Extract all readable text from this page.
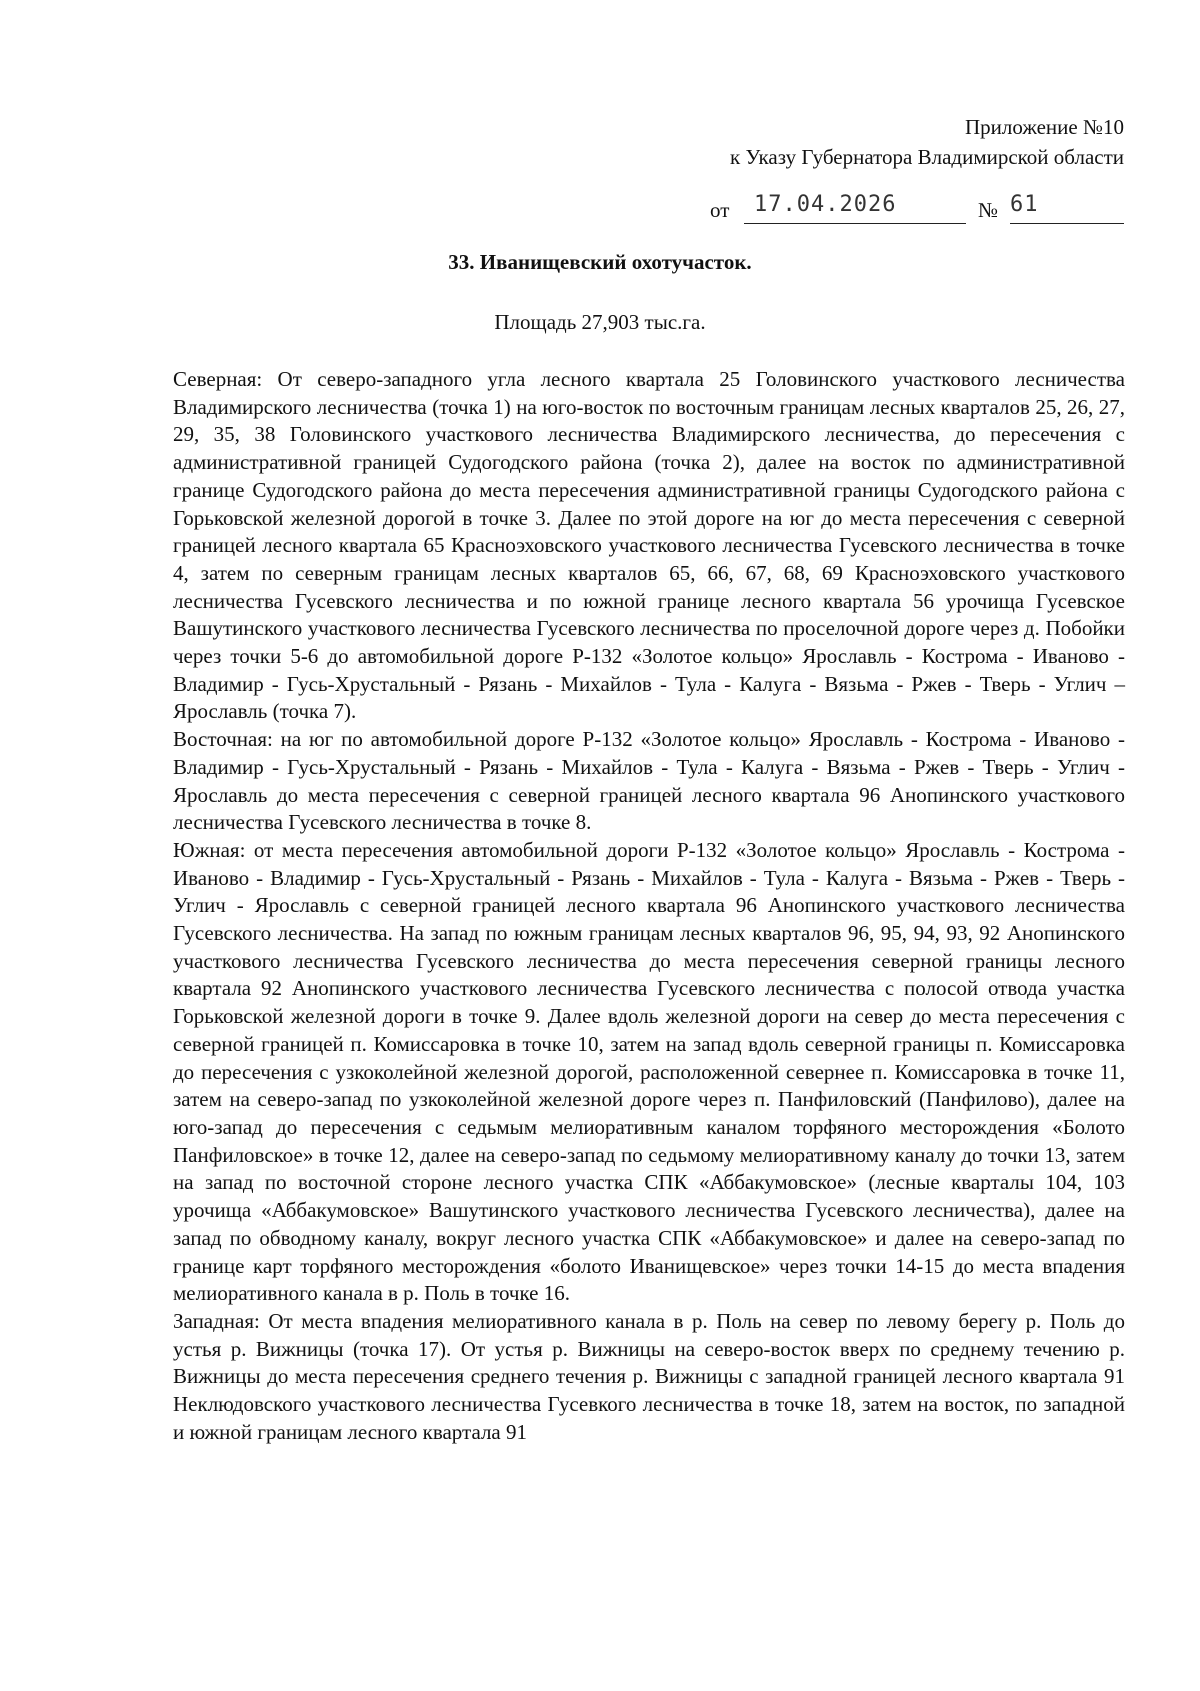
Приложение №10
к Указу Губернатора Владимирской области
от 17.04.2026	№ 61
33. Иванищевский охотучасток.
Площадь 27,903 тыс.га.

Северная: От северо-западного угла лесного квартала 25 Головинского участкового лесничества Владимирского лесничества (точка 1) на юго-восток по восточным границам лесных кварталов 25, 26, 27, 29, 35, 38 Головинского участкового лесничества Владимирского лесничества, до пересечения с административной границей Судогодского района (точка 2), далее на восток по административной границе Судогодского района до места пересечения административной границы Судогодского района с Горьковской железной дорогой в точке 3. Далее по этой дороге на юг до места пересечения с северной границей лесного квартала 65 Красноэховского участкового лесничества Гусевского лесничества в точке 4, затем по северным границам лесных кварталов 65, 66, 67, 68, 69 Красноэховского участкового лесничества Гусевского лесничества и по южной границе лесного квартала 56 урочища Гусевское Вашутинского участкового лесничества Гусевского лесничества по проселочной дороге через д. Побойки через точки 5-6 до автомобильной дороге Р-132 «Золотое кольцо» Ярославль - Кострома - Иваново - Владимир - Гусь-Хрустальный - Рязань - Михайлов - Тула - Калуга - Вязьма - Ржев - Тверь - Углич – Ярославль (точка 7).

Восточная: на юг по автомобильной дороге Р-132 «Золотое кольцо» Ярославль - Кострома - Иваново - Владимир - Гусь-Хрустальный - Рязань - Михайлов - Тула - Калуга - Вязьма - Ржев - Тверь - Углич - Ярославль до места пересечения с северной границей лесного квартала 96 Анопинского участкового лесничества Гусевского лесничества в точке 8.

Южная: от места пересечения автомобильной дороги Р-132 «Золотое кольцо» Ярославль - Кострома - Иваново - Владимир - Гусь-Хрустальный - Рязань - Михайлов - Тула - Калуга - Вязьма - Ржев - Тверь - Углич - Ярославль с северной границей лесного квартала 96 Анопинского участкового лесничества Гусевского лесничества. На запад по южным границам лесных кварталов 96, 95, 94, 93, 92 Анопинского участкового лесничества Гусевского лесничества до места пересечения северной границы лесного квартала 92 Анопинского участкового лесничества Гусевского лесничества с полосой отвода участка Горьковской железной дороги в точке 9. Далее вдоль железной дороги на север до места пересечения с северной границей п. Комиссаровка в точке 10, затем на запад вдоль северной границы п. Комиссаровка до пересечения с узкоколейной железной дорогой, расположенной севернее п. Комиссаровка в точке 11, затем на северо-запад по узкоколейной железной дороге через п. Панфиловский (Панфилово), далее на юго-запад до пересечения с седьмым мелиоративным каналом торфяного месторождения «Болото Панфиловское» в точке 12, далее на северо-запад по седьмому мелиоративному каналу до точки 13, затем на запад по восточной стороне лесного участка СПК «Аббакумовское» (лесные кварталы 104, 103 урочища «Аббакумовское» Вашутинского участкового лесничества Гусевского лесничества), далее на запад по обводному каналу, вокруг лесного участка СПК «Аббакумовское» и далее на северо-запад по границе карт торфяного месторождения «болото Иванищевское» через точки 14-15 до места впадения мелиоративного канала в р. Поль в точке 16.

Западная: От места впадения мелиоративного канала в р. Поль на север по левому берегу р. Поль до устья р. Вижницы (точка 17). От устья р. Вижницы на северо-восток вверх по среднему течению р. Вижницы до места пересечения среднего течения р. Вижницы с западной границей лесного квартала 91 Неклюдовского участкового лесничества Гусевкого лесничества в точке 18, затем на восток, по западной и южной границам лесного квартала 91
